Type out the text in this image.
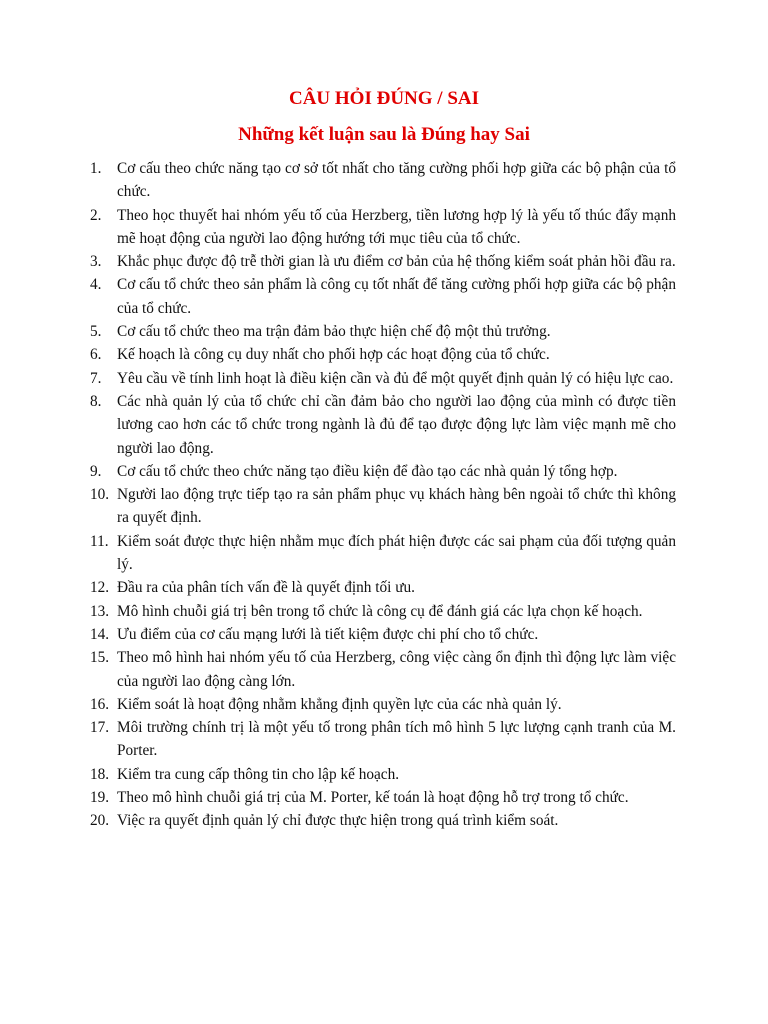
CÂU HỎI ĐÚNG / SAI
Những kết luận sau là Đúng hay Sai
1.	Cơ cấu theo chức năng tạo cơ sở tốt nhất cho tăng cường phối hợp giữa các bộ phận của tổ chức.
2.	Theo học thuyết hai nhóm yếu tố của Herzberg, tiền lương hợp lý là yếu tố thúc đẩy mạnh mẽ hoạt động của người lao động hướng tới mục tiêu của tổ chức.
3.	Khắc phục được độ trễ thời gian là ưu điểm cơ bản của hệ thống kiểm soát phản hồi đầu ra.
4.	Cơ cấu tổ chức theo sản phẩm là công cụ tốt nhất để tăng cường phối hợp giữa các bộ phận của tổ chức.
5.	Cơ cấu tổ chức theo ma trận đảm bảo thực hiện chế độ một thủ trưởng.
6.	Kế hoạch là công cụ duy nhất cho phối hợp các hoạt động của tổ chức.
7.	Yêu cầu về tính linh hoạt là điều kiện cần và đủ để một quyết định quản lý có hiệu lực cao.
8.	Các nhà quản lý của tổ chức chỉ cần đảm bảo cho người lao động của mình có được tiền lương cao hơn các tổ chức trong ngành là đủ để tạo được động lực làm việc mạnh mẽ cho người lao động.
9.	Cơ cấu tổ chức theo chức năng tạo điều kiện để đào tạo các nhà quản lý tổng hợp.
10. Người lao động trực tiếp tạo ra sản phẩm phục vụ khách hàng bên ngoài tổ chức thì không ra quyết định.
11. Kiểm soát được thực hiện nhằm mục đích phát hiện được các sai phạm của đối tượng quản lý.
12. Đầu ra của phân tích vấn đề là quyết định tối ưu.
13. Mô hình chuỗi giá trị bên trong tổ chức là công cụ để đánh giá các lựa chọn kế hoạch.
14. Ưu điểm của cơ cấu mạng lưới là tiết kiệm được chi phí cho tổ chức.
15. Theo mô hình hai nhóm yếu tố của Herzberg, công việc càng ổn định thì động lực làm việc của người lao động càng lớn.
16. Kiểm soát là hoạt động nhằm khẳng định quyền lực của các nhà quản lý.
17. Môi trường chính trị là một yếu tố trong phân tích mô hình 5 lực lượng cạnh tranh của M. Porter.
18. Kiểm tra cung cấp thông tin cho lập kế hoạch.
19. Theo mô hình chuỗi giá trị của M. Porter, kế toán là hoạt động hỗ trợ trong tổ chức.
20. Việc ra quyết định quản lý chỉ được thực hiện trong quá trình kiểm soát.
